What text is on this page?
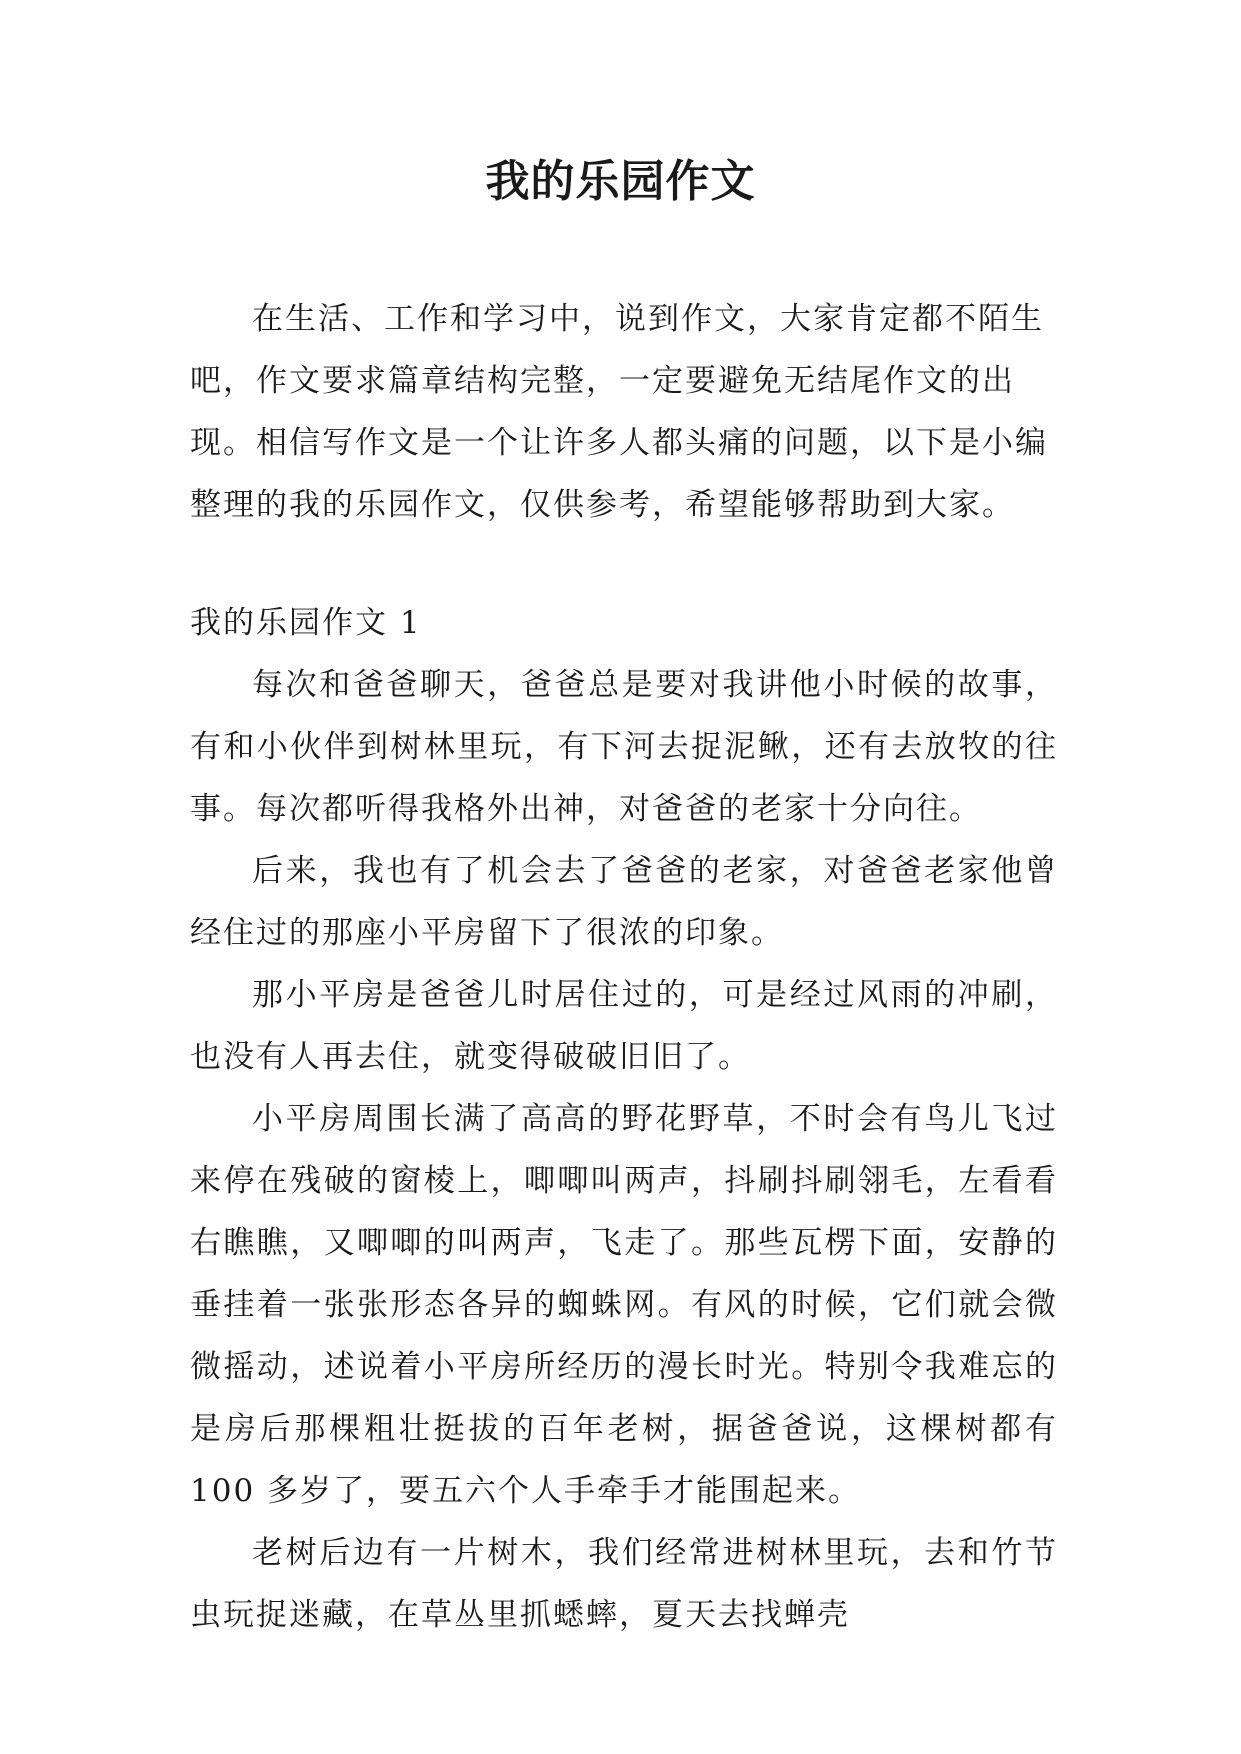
我的乐园作文

在生活、工作和学习中，说到作文，大家肯定都不陌生吧，作文要求篇章结构完整，一定要避免无结尾作文的出现。相信写作文是一个让许多人都头痛的问题，以下是小编整理的我的乐园作文，仅供参考，希望能够帮助到大家。

我的乐园作文 1

每次和爸爸聊天，爸爸总是要对我讲他小时候的故事，有和小伙伴到树林里玩，有下河去捉泥鳅，还有去放牧的往事。每次都听得我格外出神，对爸爸的老家十分向往。

后来，我也有了机会去了爸爸的老家，对爸爸老家他曾经住过的那座小平房留下了很浓的印象。

那小平房是爸爸儿时居住过的，可是经过风雨的冲刷，也没有人再去住，就变得破破旧旧了。

小平房周围长满了高高的野花野草，不时会有鸟儿飞过来停在残破的窗棱上，唧唧叫两声，抖刷抖刷翎毛，左看看右瞧瞧，又唧唧的叫两声，飞走了。那些瓦楞下面，安静的垂挂着一张张形态各异的蜘蛛网。有风的时候，它们就会微微摇动，述说着小平房所经历的漫长时光。特别令我难忘的是房后那棵粗壮挺拔的百年老树，据爸爸说，这棵树都有 100 多岁了，要五六个人手牵手才能围起来。

老树后边有一片树木，我们经常进树林里玩，去和竹节虫玩捉迷藏，在草丛里抓蟋蟀，夏天去找蝉壳
